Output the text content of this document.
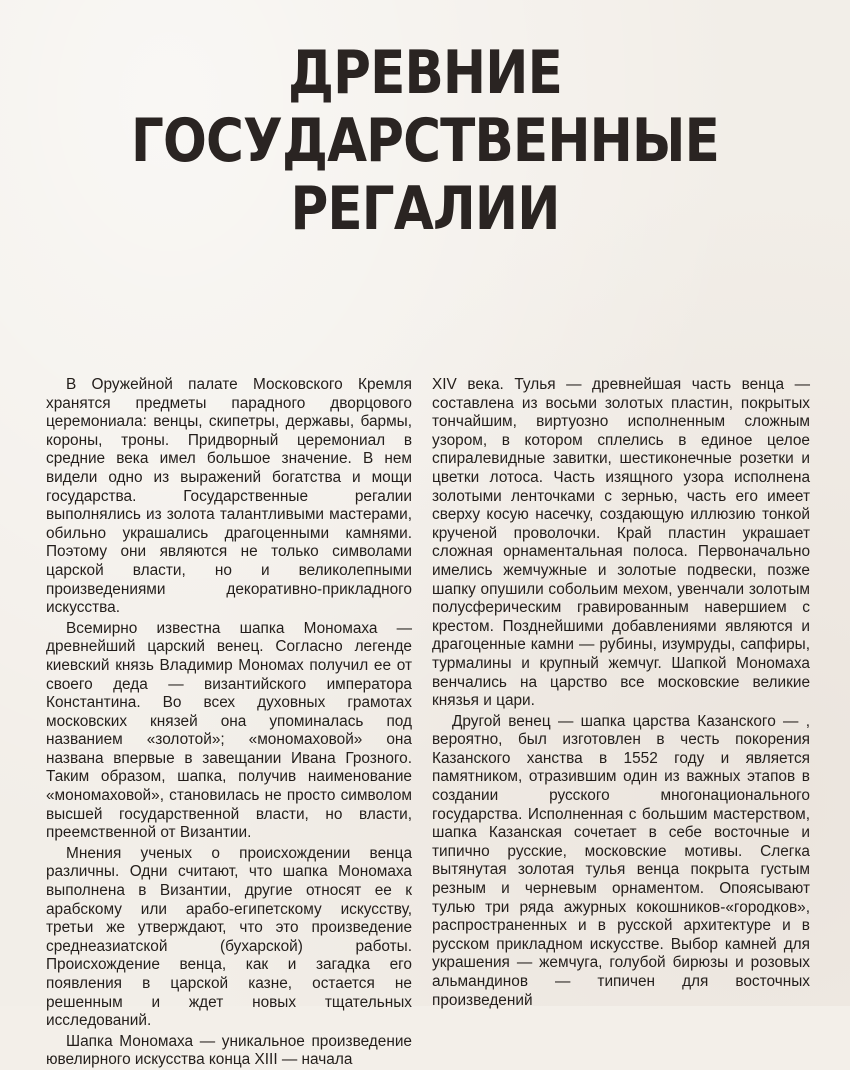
ДРЕВНИЕ
ГОСУДАРСТВЕННЫЕ
РЕГАЛИИ

В Оружейной палате Московского Кремля хранятся предметы парадного дворцового церемониала: венцы, скипетры, державы, бармы, короны, троны. Придворный церемониал в средние века имел большое значение. В нем видели одно из выражений богатства и мощи государства. Государственные регалии выполнялись из золота талантливыми мастерами, обильно украшались драгоценными камнями. Поэтому они являются не только символами царской власти, но и великолепными произведениями декоративно-прикладного искусства.

Всемирно известна шапка Мономаха — древнейший царский венец. Согласно легенде киевский князь Владимир Мономах получил ее от своего деда — византийского императора Константина. Во всех духовных грамотах московских князей она упоминалась под названием «золотой»; «мономаховой» она названа впервые в завещании Ивана Грозного. Таким образом, шапка, получив наименование «мономаховой», становилась не просто символом высшей государственной власти, но власти, преемственной от Византии.

Мнения ученых о происхождении венца различны. Одни считают, что шапка Мономаха выполнена в Византии, другие относят ее к арабскому или арабо-египетскому искусству, третьи же утверждают, что это произведение среднеазиатской (бухарской) работы. Происхождение венца, как и загадка его появления в царской казне, остается не решенным и ждет новых тщательных исследований.

Шапка Мономаха — уникальное произведение ювелирного искусства конца XIII — начала

XIV века. Тулья — древнейшая часть венца — составлена из восьми золотых пластин, покрытых тончайшим, виртуозно исполненным сложным узором, в котором сплелись в единое целое спиралевидные завитки, шестиконечные розетки и цветки лотоса. Часть изящного узора исполнена золотыми ленточками с зернью, часть его имеет сверху косую насечку, создающую иллюзию тонкой крученой проволочки. Край пластин украшает сложная орнаментальная полоса. Первоначально имелись жемчужные и золотые подвески, позже шапку опушили собольим мехом, увенчали золотым полусферическим гравированным навершием с крестом. Позднейшими добавлениями являются и драгоценные камни — рубины, изумруды, сапфиры, турмалины и крупный жемчуг. Шапкой Мономаха венчались на царство все московские великие князья и цари.

Другой венец — шапка царства Казанского — , вероятно, был изготовлен в честь покорения Казанского ханства в 1552 году и является памятником, отразившим один из важных этапов в создании русского многонационального государства. Исполненная с большим мастерством, шапка Казанская сочетает в себе восточные и типично русские, московские мотивы. Слегка вытянутая золотая тулья венца покрыта густым резным и черневым орнаментом. Опоясывают тулью три ряда ажурных кокошников-«городков», распространенных и в русской архитектуре и в русском прикладном искусстве. Выбор камней для украшения — жемчуга, голубой бирюзы и розовых альмандинов — типичен для восточных произведений
